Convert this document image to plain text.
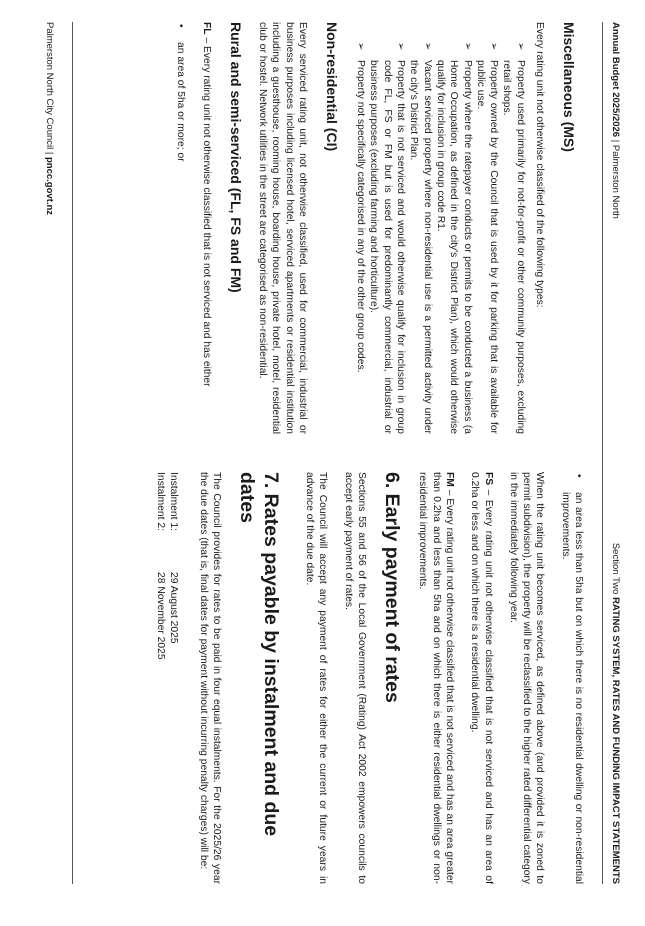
Annual Budget 2025/2026 | Palmerston North
Section Two RATING SYSTEM, RATES AND FUNDING IMPACT STATEMENTS
Miscellaneous (MS)

Every rating unit not otherwise classified of the following types:

➢
Property used primarily for not-for-profit or other community purposes, excluding retail shops.
➢
Property owned by the Council that is used by it for parking that is available for public use.
➢
Property where the ratepayer conducts or permits to be conducted a business (a Home Occupation, as defined in the city's District Plan), which would otherwise qualify for inclusion in group code R1.
➢
Vacant serviced property where non-residential use is a permitted activity under the city's District Plan.
➢
Property that is not serviced and would otherwise qualify for inclusion in group code FL, FS or FM but is used for predominantly commercial, industrial or business purposes (excluding farming and horticulture).
➢
Property not specifically categorised in any of the other group codes.
Non-residential (CI)

Every serviced rating unit, not otherwise classified, used for commercial, industrial or business purposes including licensed hotel, serviced apartments or residential institution including a guesthouse, rooming house, boarding house, private hotel, motel, residential club or hostel. Network utilities in the street are categorised as non-residential.

Rural and semi-serviced (FL, FS and FM)

FL – Every rating unit not otherwise classified that is not serviced and has either

•
an area of 5ha or more; or
•
an area less than 5ha but on which there is no residential dwelling or non-residential improvements.

When the rating unit becomes serviced, as defined above (and provided it is zoned to permit subdivision), the property will be reclassified to the higher rated differential category in the immediately following year.

FS – Every rating unit not otherwise classified that is not serviced and has an area of 0.2ha or less and on which there is a residential dwelling.

FM – Every rating unit not otherwise classified that is not serviced and has an area greater than 0.2ha and less than 5ha and on which there is either residential dwellings or non-residential improvements.

6. Early payment of rates

Sections 55 and 56 of the Local Government (Rating) Act 2002 empowers councils to accept early payment of rates.

The Council will accept any payment of rates for either the current or future years in advance of the due date.

7. Rates payable by instalment and due dates

The Council provides for rates to be paid in four equal instalments. For the 2025/26 year the due dates (that is, final dates for payment without incurring penalty charges) will be:

Instalment 1:	29 August 2025
Instalment 2:	28 November 2025
Palmerston North City Council | pncc.govt.nz
